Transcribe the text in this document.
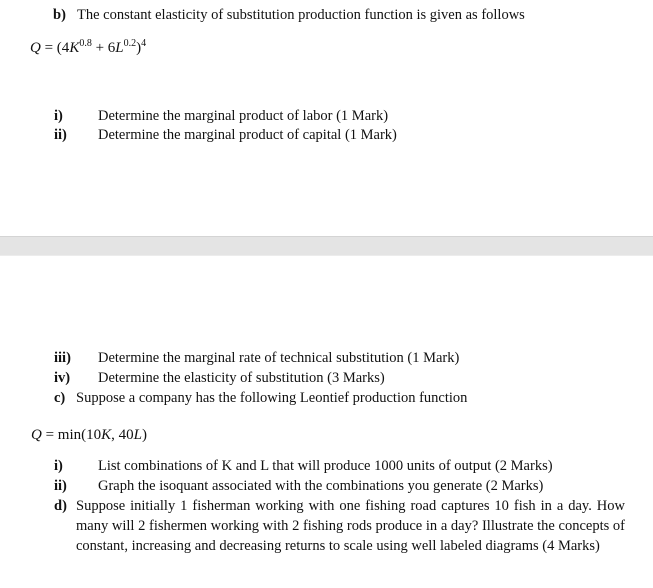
b) The constant elasticity of substitution production function is given as follows
$Q = (4K^{0.8} + 6L^{0.2})^4$
i) Determine the marginal product of labor (1 Mark)
ii) Determine the marginal product of capital (1 Mark)
iii) Determine the marginal rate of technical substitution (1 Mark)
iv) Determine the elasticity of substitution (3 Marks)
c) Suppose a company has the following Leontief production function
Q = min(10K, 40L)
i) List combinations of K and L that will produce 1000 units of output (2 Marks)
ii) Graph the isoquant associated with the combinations you generate (2 Marks)
d) Suppose initially 1 fisherman working with one fishing road captures 10 fish in a day. How many will 2 fishermen working with 2 fishing rods produce in a day? Illustrate the concepts of constant, increasing and decreasing returns to scale using well labeled diagrams (4 Marks)
